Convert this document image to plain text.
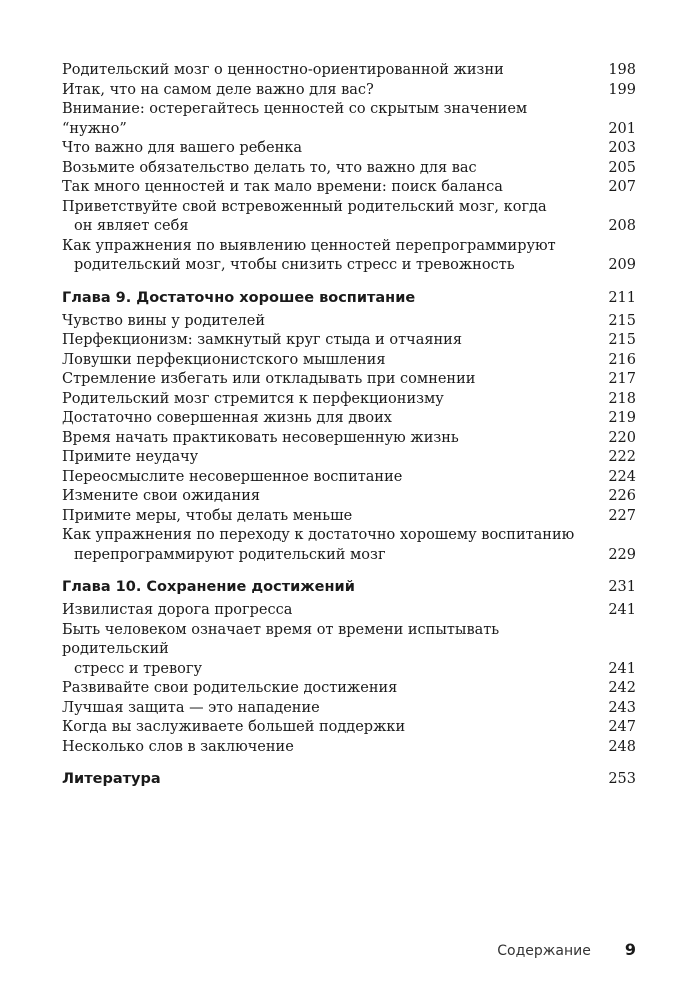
Родительский мозг о ценностно-ориентированной жизни	198
Итак, что на самом деле важно для вас?	199
Внимание: остерегайтесь ценностей со скрытым значением “нужно”	201
Что важно для вашего ребенка	203
Возьмите обязательство делать то, что важно для вас	205
Так много ценностей и так мало времени: поиск баланса	207
Приветствуйте свой встревоженный родительский мозг, когда
он являет себя	208
Как упражнения по выявлению ценностей перепрограммируют
родительский мозг, чтобы снизить стресс и тревожность	209
Глава 9. Достаточно хорошее воспитание	211
Чувство вины у родителей	215
Перфекционизм: замкнутый круг стыда и отчаяния	215
Ловушки перфекционистского мышления	216
Стремление избегать или откладывать при сомнении	217
Родительский мозг стремится к перфекционизму	218
Достаточно совершенная жизнь для двоих	219
Время начать практиковать несовершенную жизнь	220
Примите неудачу	222
Переосмыслите несовершенное воспитание	224
Измените свои ожидания	226
Примите меры, чтобы делать меньше	227
Как упражнения по переходу к достаточно хорошему воспитанию
перепрограммируют родительский мозг	229
Глава 10. Сохранение достижений	231
Извилистая дорога прогресса	241
Быть человеком означает время от времени испытывать родительский
стресс и тревогу	241
Развивайте свои родительские достижения	242
Лучшая защита — это нападение	243
Когда вы заслуживаете большей поддержки	247
Несколько слов в заключение	248
Литература	253
Содержание 9
